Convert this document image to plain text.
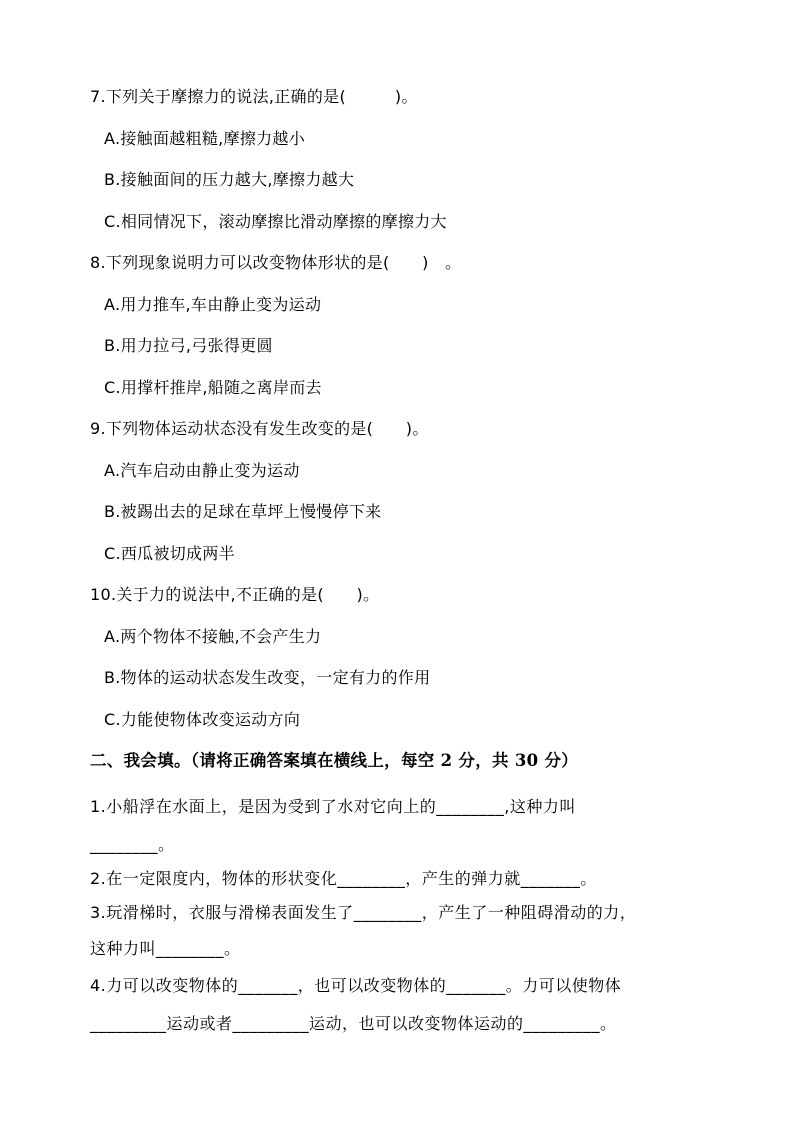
7.下列关于摩擦力的说法,正确的是(　　　)。
A.接触面越粗糙,摩擦力越小
B.接触面间的压力越大,摩擦力越大
C.相同情况下，滚动摩擦比滑动摩擦的摩擦力大
8.下列现象说明力可以改变物体形状的是(　　)　。
A.用力推车,车由静止变为运动
B.用力拉弓,弓张得更圆
C.用撑杆推岸,船随之离岸而去
9.下列物体运动状态没有发生改变的是(　　)。
A.汽车启动由静止变为运动
B.被踢出去的足球在草坪上慢慢停下来
C.西瓜被切成两半
10.关于力的说法中,不正确的是(　　)。
A.两个物体不接触,不会产生力
B.物体的运动状态发生改变，一定有力的作用
C.力能使物体改变运动方向
二、我会填。（请将正确答案填在横线上，每空 2 分，共 30 分）
1.小船浮在水面上，是因为受到了水对它向上的________,这种力叫
________。
2.在一定限度内，物体的形状变化________，产生的弹力就_______。
3.玩滑梯时，衣服与滑梯表面发生了________，产生了一种阻碍滑动的力，
这种力叫________。
4.力可以改变物体的_______，也可以改变物体的_______。力可以使物体
_________运动或者_________运动，也可以改变物体运动的_________。
